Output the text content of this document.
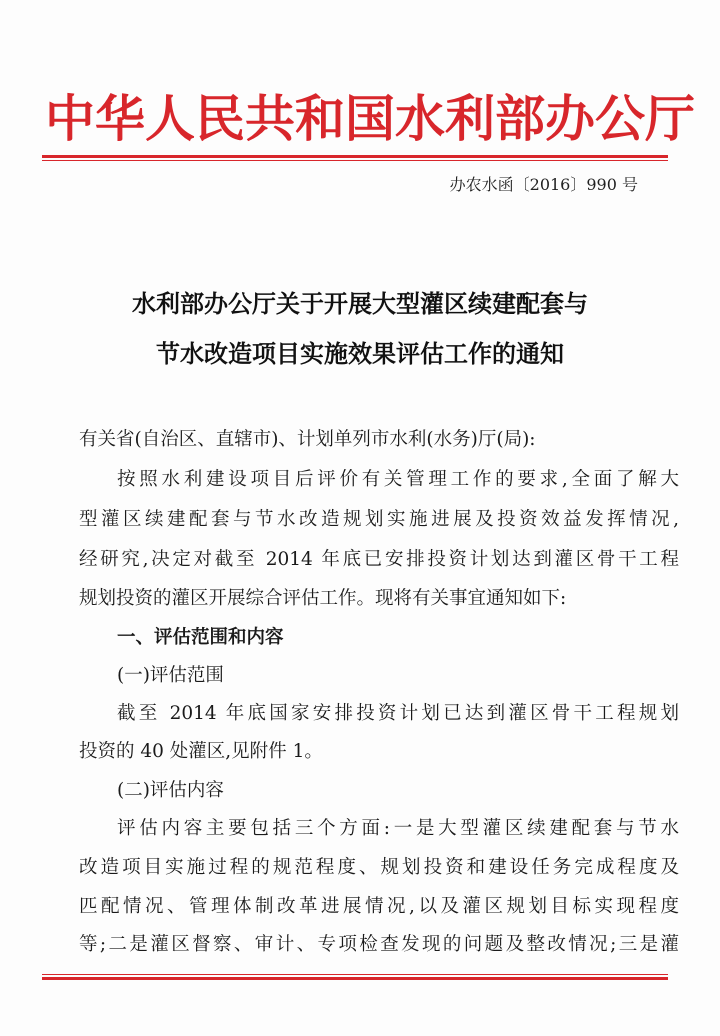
中华人民共和国水利部办公厅
办农水函〔2016〕990 号
水利部办公厅关于开展大型灌区续建配套与
节水改造项目实施效果评估工作的通知
有关省(自治区、直辖市)、计划单列市水利(水务)厅(局):
按照水利建设项目后评价有关管理工作的要求,全面了解大
型灌区续建配套与节水改造规划实施进展及投资效益发挥情况,
经研究,决定对截至 2014 年底已安排投资计划达到灌区骨干工程
规划投资的灌区开展综合评估工作。现将有关事宜通知如下:
一、评估范围和内容
(一)评估范围
截至 2014 年底国家安排投资计划已达到灌区骨干工程规划
投资的 40 处灌区,见附件 1。
(二)评估内容
评估内容主要包括三个方面:一是大型灌区续建配套与节水
改造项目实施过程的规范程度、规划投资和建设任务完成程度及
匹配情况、管理体制改革进展情况,以及灌区规划目标实现程度
等;二是灌区督察、审计、专项检查发现的问题及整改情况;三是灌
